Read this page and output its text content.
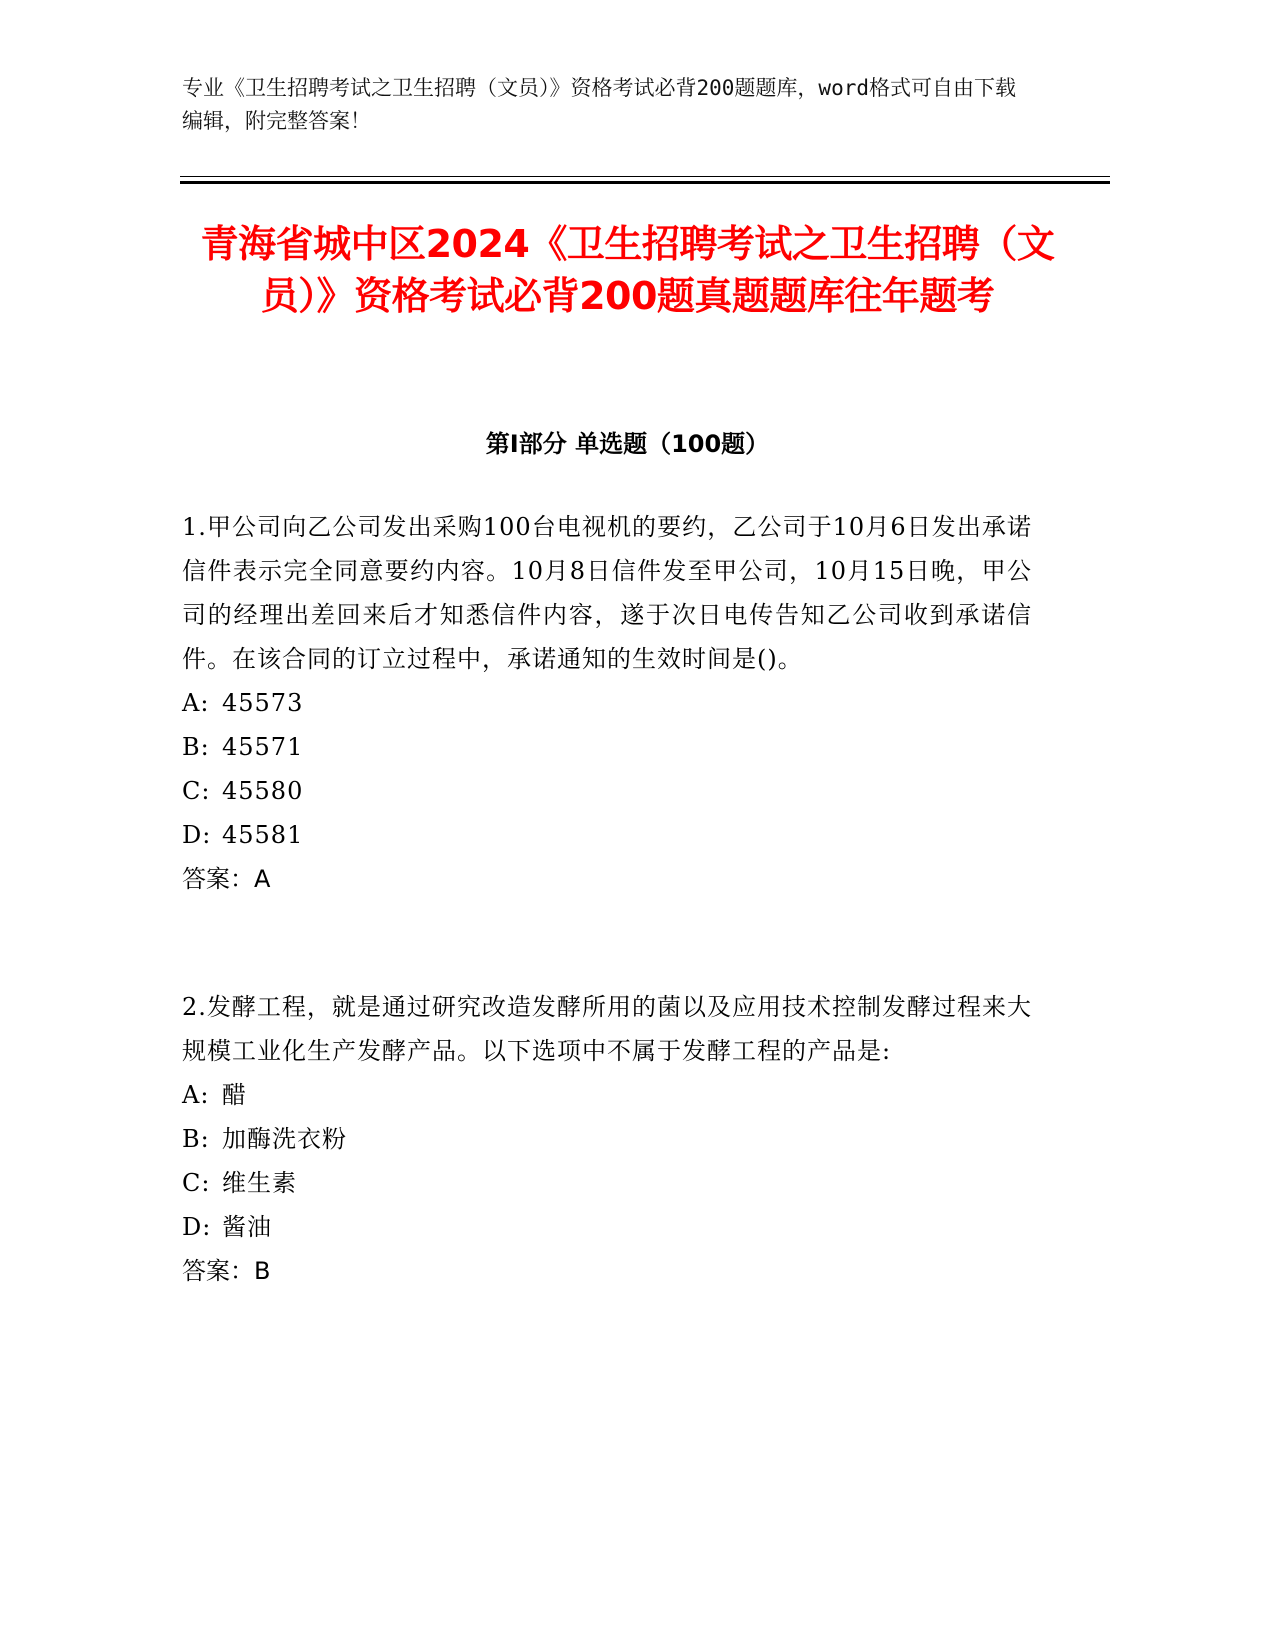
专业《卫生招聘考试之卫生招聘（文员）》资格考试必背200题题库，word格式可自由下载编辑，附完整答案！
青海省城中区2024《卫生招聘考试之卫生招聘（文员）》资格考试必背200题真题题库往年题考
第Ⅰ部分 单选题（100题）

1.甲公司向乙公司发出采购100台电视机的要约，乙公司于10月6日发出承诺信件表示完全同意要约内容。10月8日信件发至甲公司，10月15日晚，甲公司的经理出差回来后才知悉信件内容，遂于次日电传告知乙公司收到承诺信件。在该合同的订立过程中，承诺通知的生效时间是()。

A: 45573

B: 45571

C: 45580

D: 45581

答案：A

2.发酵工程，就是通过研究改造发酵所用的菌以及应用技术控制发酵过程来大规模工业化生产发酵产品。以下选项中不属于发酵工程的产品是:

A: 醋

B: 加酶洗衣粉

C: 维生素

D: 酱油

答案：B
